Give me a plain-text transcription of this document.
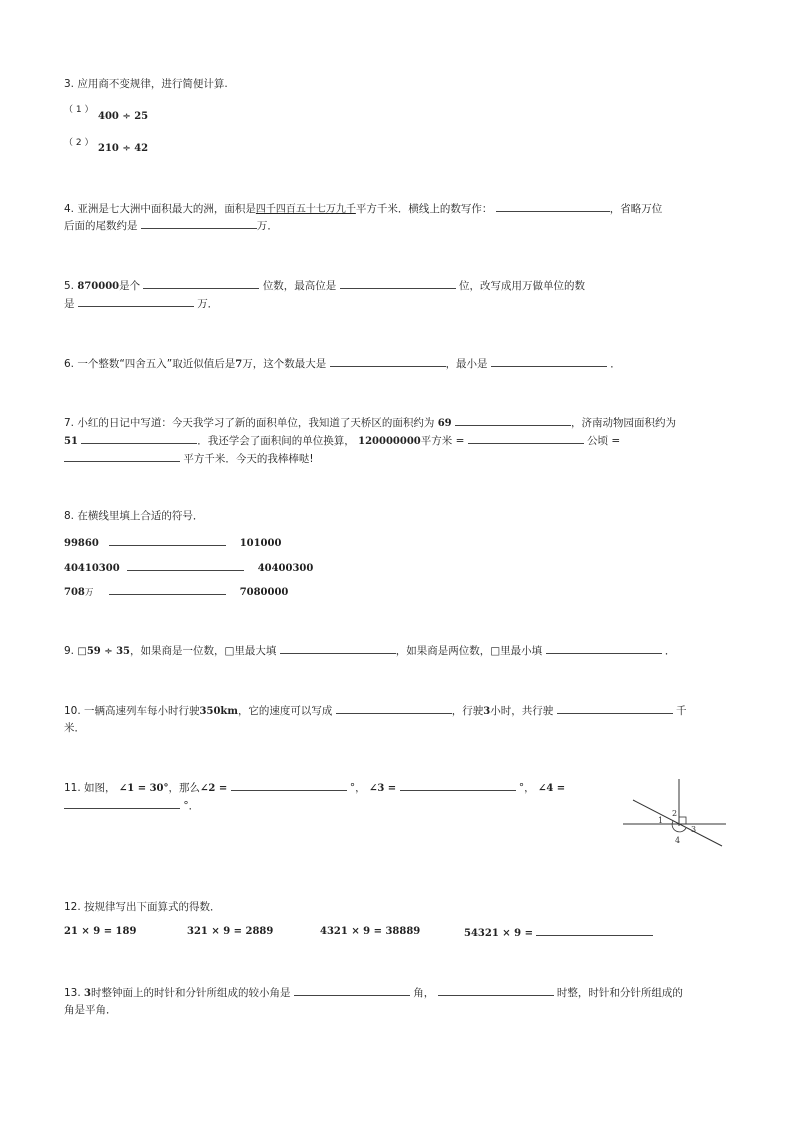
3. 应用商不变规律，进行简便计算.
（ 1 ）
400 ÷ 25
（ 2 ） 210 ÷ 42
4. 亚洲是七大洲中面积最大的洲，面积是四千四百五十七万九千平方千米．横线上的数写作：	，省略万位
后面的尾数约是	万．
5. 870000是个	位数，最高位是	位，改写成用万做单位的数
是	万．
6. 一个整数“四舍五入”取近似值后是7万，这个数最大是	，最小是	．
7. 小红的日记中写道：今天我学习了新的面积单位，我知道了天桥区的面积约为 69	，济南动物园面积约为
51	．我还学会了面积间的单位换算， 120000000平方米 =	公顷 =
平方千米．今天的我棒棒哒!
8. 在横线里填上合适的符号．
99860	101000
40410300	40400300
708万	7080000
9. □59 ÷ 35，如果商是一位数，□里最大填	，如果商是两位数，□里最小填	．
10. 一辆高速列车每小时行驶350km，它的速度可以写成	，行驶3小时，共行驶	千
米．
11. 如图， ∠1 = 30°，那么∠2 =	°， ∠3 =	°， ∠4 =
°．
1
2
3
4
12. 按规律写出下面算式的得数．
21 × 9 = 189	321 × 9 = 2889	4321 × 9 = 38889	54321 × 9 =
13. 3时整钟面上的时针和分针所组成的较小角是	角，	时整，时针和分针所组成的
角是平角．
